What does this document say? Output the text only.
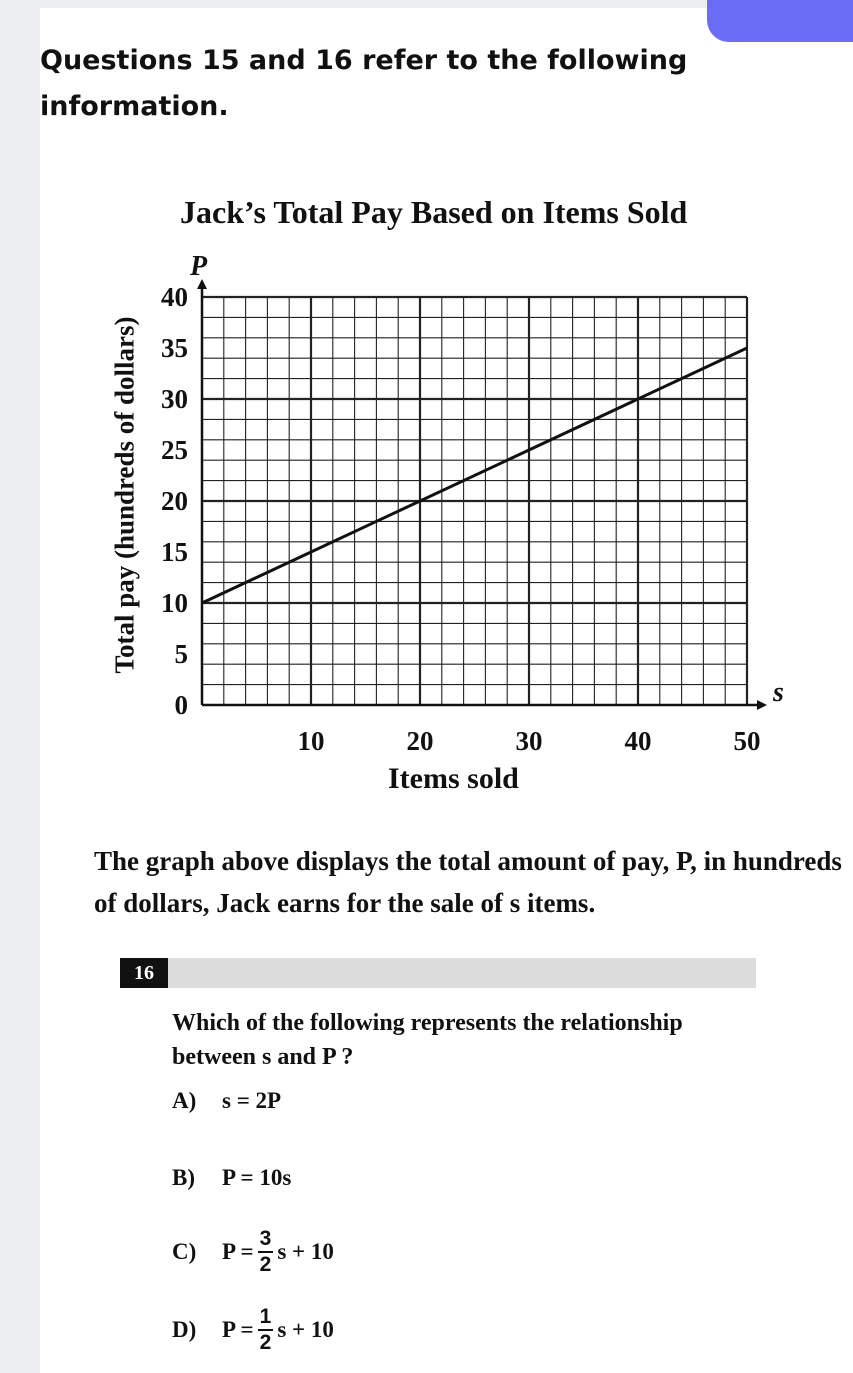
Questions 15 and 16 refer to the following information.

Jack’s Total Pay Based on Items Sold
Total pay (hundreds of dollars)
Items sold
0
5
10
15
20
25
30
35
40
10	20	30	40	50
P
s
The graph above displays the total amount of pay, P, in hundreds of dollars, Jack earns for the sale of s items.
16
Which of the following represents the relationship between s and P ?
A)	s = 2P
B)	P = 10s
C)	$P = \frac{3}{2}$ s + 10
D)	$P = \frac{1}{2}$ s + 10
